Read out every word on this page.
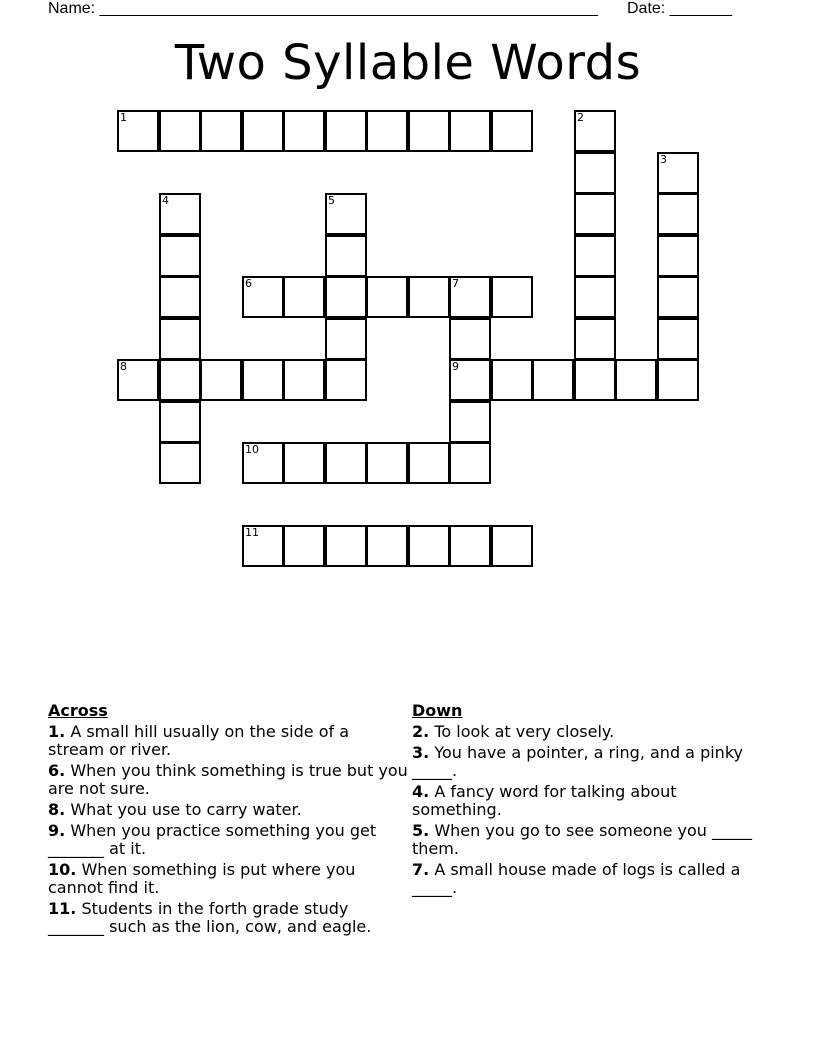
Name: ________________________________________________________ Date: _______
Two Syllable Words
1	2
3
4	5
6	7
9
8
10
11
Across
1. A small hill usually on the side of a stream or river.
6. When you think something is true but you are not sure.
8. What you use to carry water.
9. When you practice something you get _______ at it.
10. When something is put where you cannot find it.
11. Students in the forth grade study _______ such as the lion, cow, and eagle.
Down
2. To look at very closely.
3. You have a pointer, a ring, and a pinky _____.
4. A fancy word for talking about something.
5. When you go to see someone you _____ them.
7. A small house made of logs is called a _____.
